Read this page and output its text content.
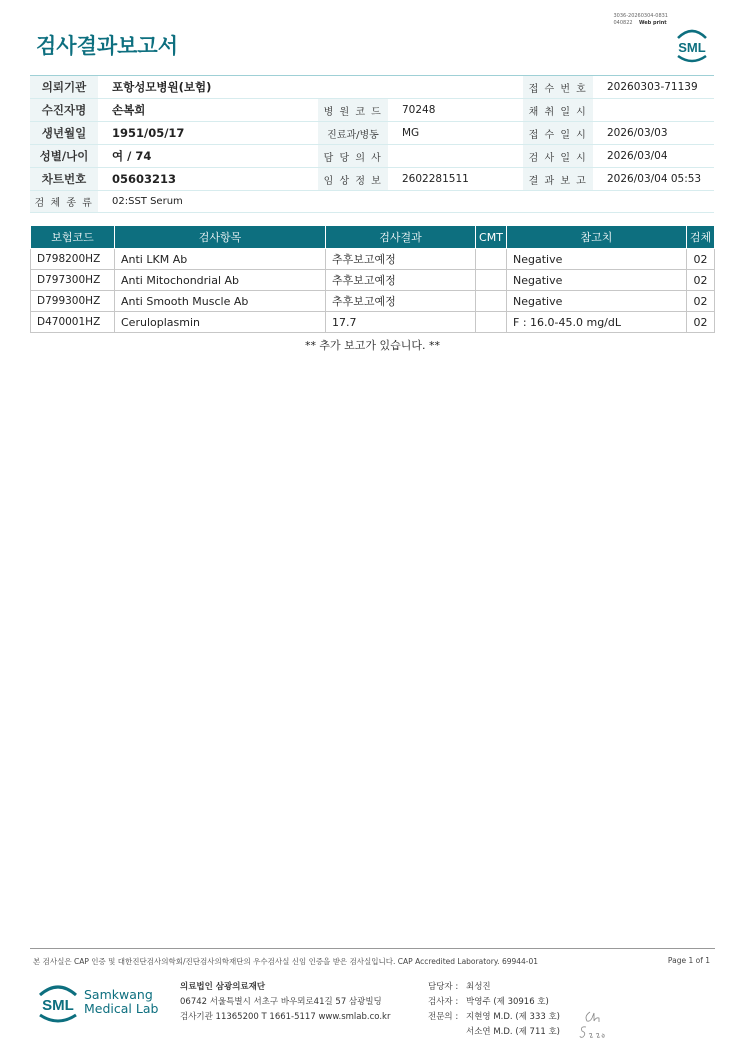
3036-20260304-0831
040822 Web print
검사결과보고서	SML
의뢰기관	포항성모병원(보험)			접 수 번 호	20260303-71139
수진자명	손복희	병 원 코 드	70248	채 취 일 시	
생년월일	1951/05/17	진료과/병동	MG	접 수 일 시	2026/03/03
성별/나이	여 / 74	담 당 의 사		검 사 일 시	2026/03/04
차트번호	05603213	임 상 정 보	2602281511	결 과 보 고	2026/03/04 05:53
검 체 종 류	02:SST Serum				
보험코드	검사항목	검사결과	CMT	참고치	검체
D798200HZ	Anti LKM Ab	추후보고예정		Negative	02
D797300HZ	Anti Mitochondrial Ab	추후보고예정		Negative	02
D799300HZ	Anti Smooth Muscle Ab	추후보고예정		Negative	02
D470001HZ	Ceruloplasmin	17.7		F : 16.0-45.0 mg/dL	02
** 추가 보고가 있습니다. **
본 검사실은 CAP 인증 및 대한진단검사의학회/진단검사의학재단의 우수검사실 신임 인증을 받은 검사실입니다. CAP Accredited Laboratory. 69944-01	Page 1 of 1
SML
Samkwang
Medical Lab
의료법인 삼광의료재단
06742 서울특별시 서초구 바우뫼로41길 57 삼광빌딩
검사기관 11365200 T 1661-5117 www.smlab.co.kr
담당자 : 최성진
검사자 : 박영주 (제 30916 호)
전문의 : 지현영 M.D. (제 333 호)
서소연 M.D. (제 711 호)
